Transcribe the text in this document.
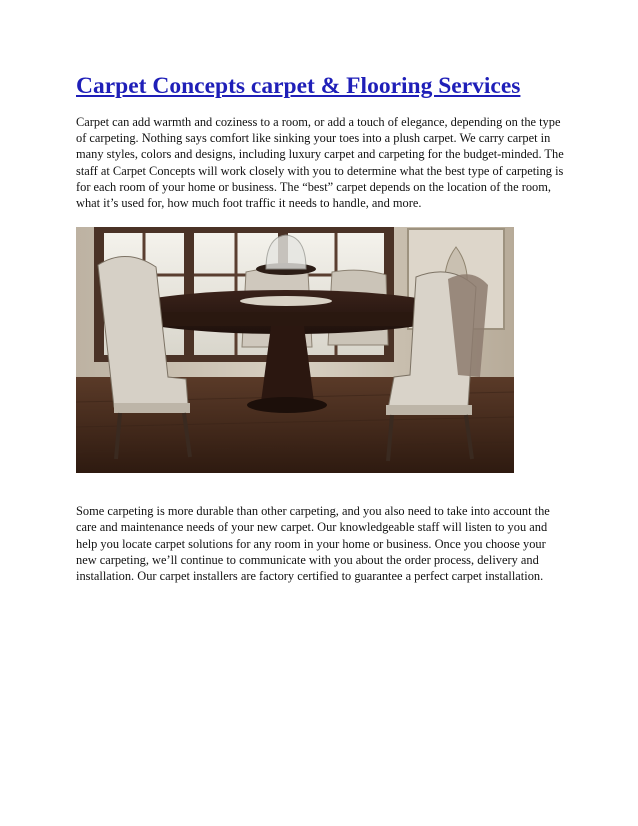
Carpet Concepts carpet & Flooring Services

Carpet can add warmth and coziness to a room, or add a touch of elegance, depending on the type of carpeting. Nothing says comfort like sinking your toes into a plush carpet. We carry carpet in many styles, colors and designs, including luxury carpet and carpeting for the budget-minded. The staff at Carpet Concepts will work closely with you to determine what the best type of carpeting is for each room of your home or business. The “best” carpet depends on the location of the room, what it’s used for, how much foot traffic it needs to handle, and more.

Some carpeting is more durable than other carpeting, and you also need to take into account the care and maintenance needs of your new carpet. Our knowledgeable staff will listen to you and help you locate carpet solutions for any room in your home or business. Once you choose your new carpeting, we’ll continue to communicate with you about the order process, delivery and installation. Our carpet installers are factory certified to guarantee a perfect carpet installation.
